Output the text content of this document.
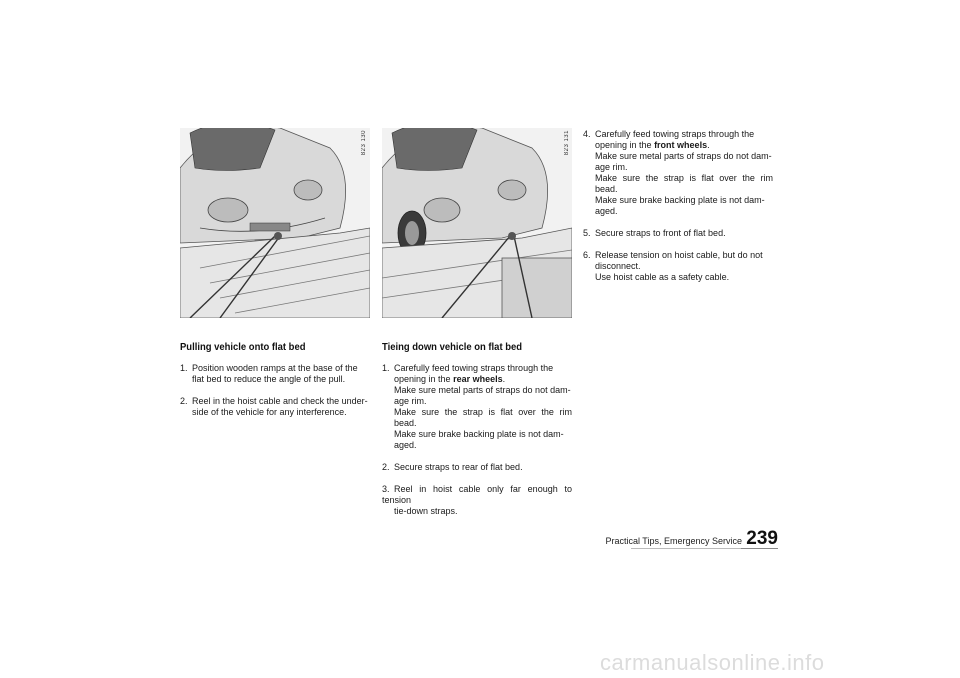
823 130	823 131
Pulling vehicle onto flat bed
1. Position wooden ramps at the base of the
flat bed to reduce the angle of the pull.
2. Reel in the hoist cable and check the under-
side of the vehicle for any interference.
Tieing down vehicle on flat bed
1. Carefully feed towing straps through the
opening in the rear wheels.
Make sure metal parts of straps do not dam-
age rim.
Make sure the strap is flat over the rim bead.
Make sure brake backing plate is not dam-
aged.
2. Secure straps to rear of flat bed.
3. Reel in hoist cable only far enough to tension
tie-down straps.
4. Carefully feed towing straps through the
opening in the front wheels.
Make sure metal parts of straps do not dam-
age rim.
Make sure the strap is flat over the rim bead.
Make sure brake backing plate is not dam-
aged.
5. Secure straps to front of flat bed.
6. Release tension on hoist cable, but do not
disconnect.
Use hoist cable as a safety cable.
Practical Tips, Emergency Service 239
carmanualsonline.info
